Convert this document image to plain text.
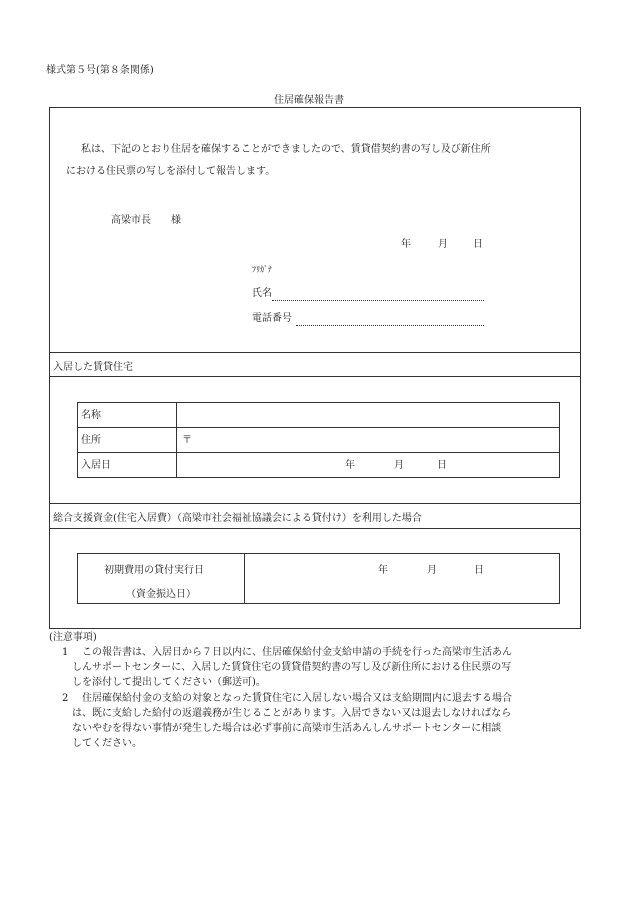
様式第５号(第８条関係)
住居確保報告書
私は、下記のとおり住居を確保することができましたので、賃貸借契約書の写し及び新住所
における住民票の写しを添付して報告します。
高梁市長　　様
年	月	日
ﾌﾘｶﾞﾅ
氏名
電話番号
入居した賃貸住宅
名称
住所	〒
入居日	年	月	日
総合支援資金(住宅入居費）（高梁市社会福祉協議会による貸付け）を利用した場合
初期費用の貸付実行日
（資金振込日）
年	月	日
(注意事項)
1 この報告書は、入居日から７日以内に、住居確保給付金支給申請の手続を行った高梁市生活あん
しんサポートセンターに、入居した賃貸住宅の賃貸借契約書の写し及び新住所における住民票の写
しを添付して提出してください（郵送可)。
2 住居確保給付金の支給の対象となった賃貸住宅に入居しない場合又は支給期間内に退去する場合
は、既に支給した給付の返還義務が生じることがあります。入居できない又は退去しなければなら
ないやむを得ない事情が発生した場合は必ず事前に高梁市生活あんしんサポートセンターに相談
してください。
